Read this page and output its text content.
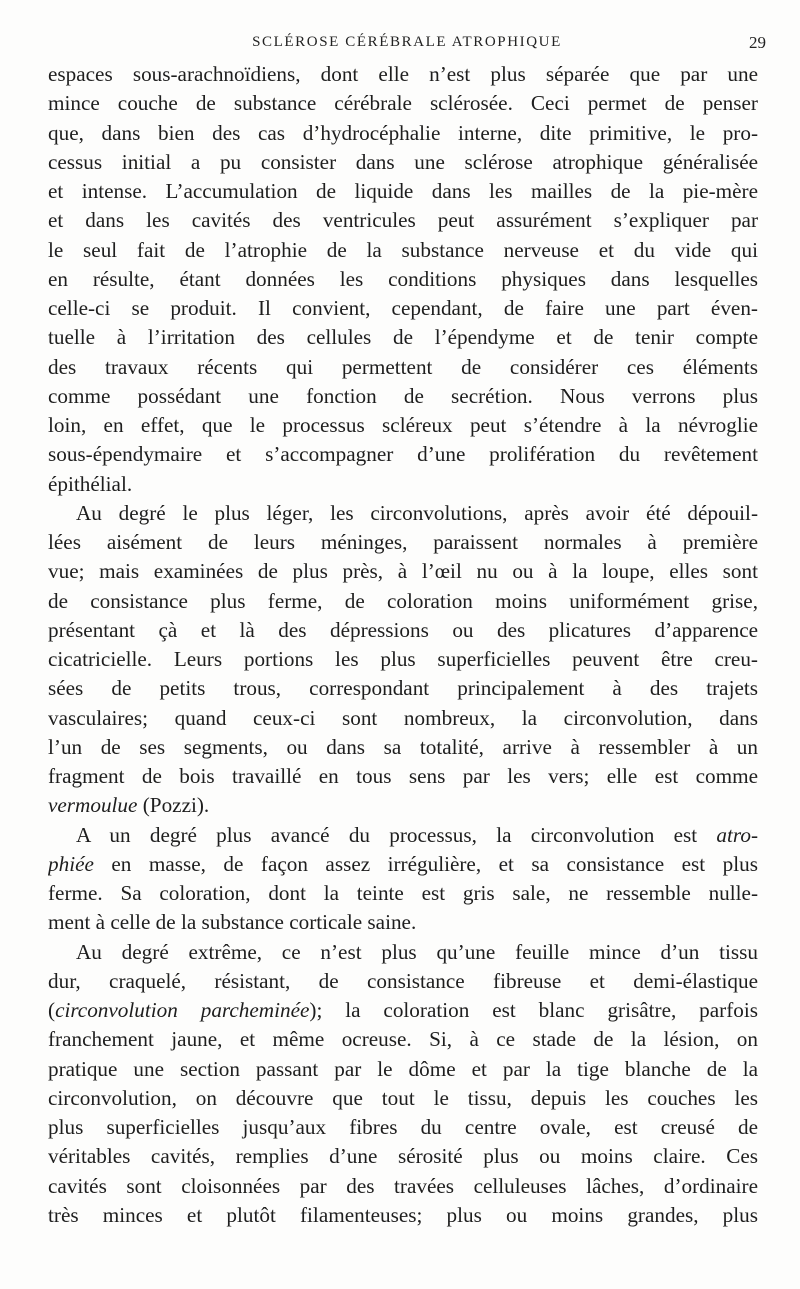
SCLÉROSE CÉRÉBRALE ATROPHIQUE	29

espaces sous-arachnoïdiens, dont elle n’est plus séparée que par une
mince couche de substance cérébrale sclérosée. Ceci permet de penser
que, dans bien des cas d’hydrocéphalie interne, dite primitive, le pro-
cessus initial a pu consister dans une sclérose atrophique généralisée
et intense. L’accumulation de liquide dans les mailles de la pie-mère
et dans les cavités des ventricules peut assurément s’expliquer par
le seul fait de l’atrophie de la substance nerveuse et du vide qui
en résulte, étant données les conditions physiques dans lesquelles
celle-ci se produit. Il convient, cependant, de faire une part éven-
tuelle à l’irritation des cellules de l’épendyme et de tenir compte
des travaux récents qui permettent de considérer ces éléments
comme possédant une fonction de secrétion. Nous verrons plus
loin, en effet, que le processus scléreux peut s’étendre à la névroglie
sous-épendymaire et s’accompagner d’une prolifération du revêtement
épithélial.

Au degré le plus léger, les circonvolutions, après avoir été dépouil-
lées aisément de leurs méninges, paraissent normales à première
vue; mais examinées de plus près, à l’œil nu ou à la loupe, elles sont
de consistance plus ferme, de coloration moins uniformément grise,
présentant çà et là des dépressions ou des plicatures d’apparence
cicatricielle. Leurs portions les plus superficielles peuvent être creu-
sées de petits trous, correspondant principalement à des trajets
vasculaires; quand ceux-ci sont nombreux, la circonvolution, dans
l’un de ses segments, ou dans sa totalité, arrive à ressembler à un
fragment de bois travaillé en tous sens par les vers; elle est comme
vermoulue (Pozzi).

A un degré plus avancé du processus, la circonvolution est atro-
phiée en masse, de façon assez irrégulière, et sa consistance est plus
ferme. Sa coloration, dont la teinte est gris sale, ne ressemble nulle-
ment à celle de la substance corticale saine.

Au degré extrême, ce n’est plus qu’une feuille mince d’un tissu
dur, craquelé, résistant, de consistance fibreuse et demi-élastique
(circonvolution parcheminée); la coloration est blanc grisâtre, parfois
franchement jaune, et même ocreuse. Si, à ce stade de la lésion, on
pratique une section passant par le dôme et par la tige blanche de la
circonvolution, on découvre que tout le tissu, depuis les couches les
plus superficielles jusqu’aux fibres du centre ovale, est creusé de
véritables cavités, remplies d’une sérosité plus ou moins claire. Ces
cavités sont cloisonnées par des travées celluleuses lâches, d’ordinaire
très minces et plutôt filamenteuses; plus ou moins grandes, plus
